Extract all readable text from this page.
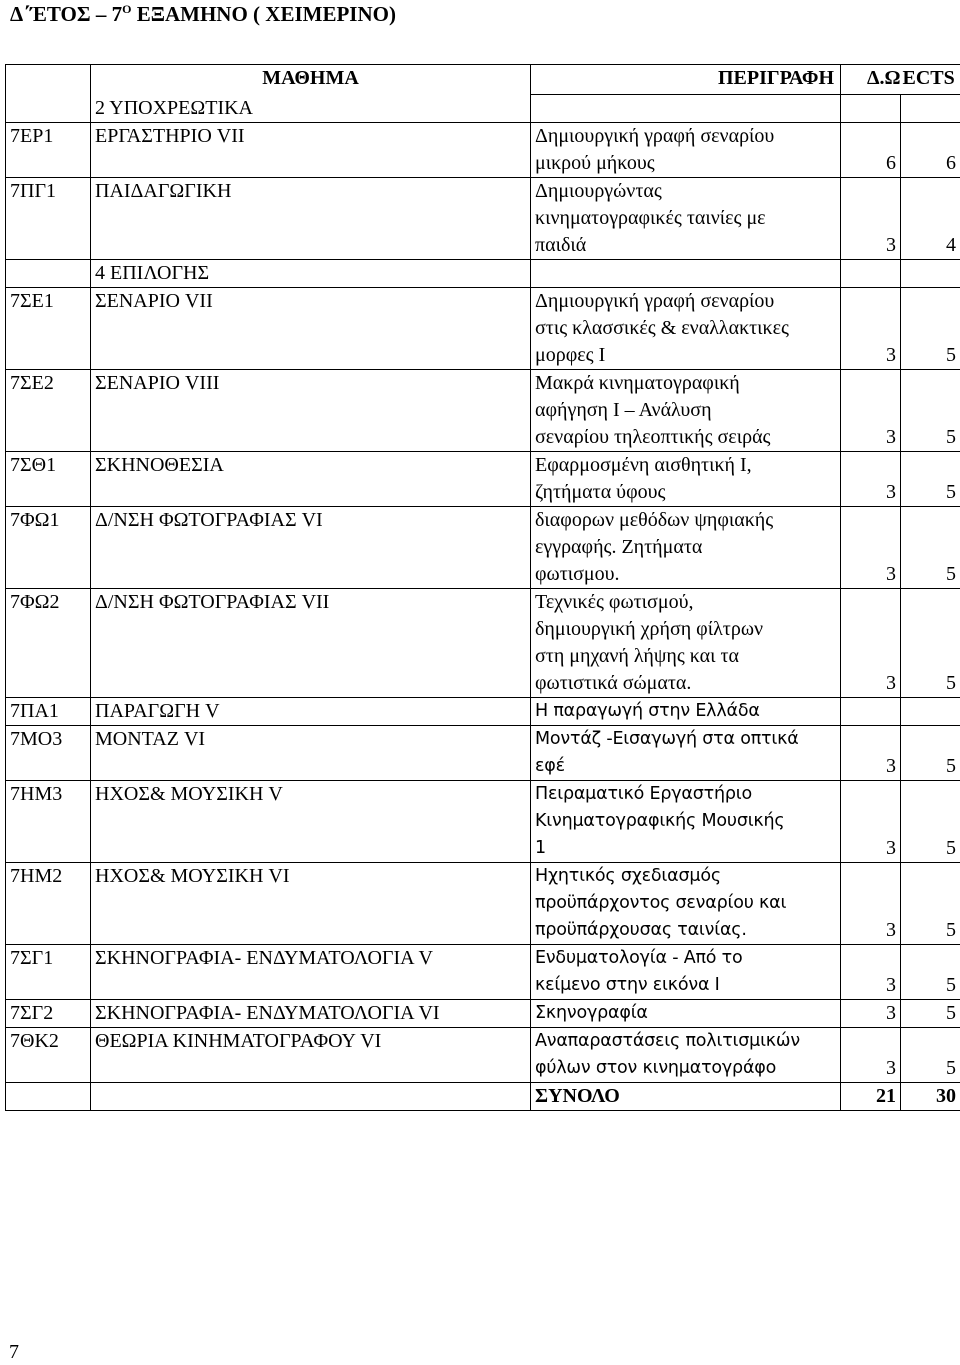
$\Delta΄ΈTO\Sigma - 7^O$ ΕΞΑΜΗΝΟ ( ΧΕΙΜΕΡΙΝΟ)
	ΜΑΘΗΜΑ	ΠΕΡΙΓΡΑΦΗ	Δ.Ω	ECTS
	2 ΥΠΟΧΡΕΩΤΙΚΑ			
7ΕΡ1	ΕΡΓΑΣΤΗΡΙΟ VII	Δημιουργική γραφή σεναρίου
μικρού μήκους	6	6
7ΠΓ1	ΠΑΙΔΑΓΩΓΙΚΗ	Δημιουργώντας
κινηματογραφικές ταινίες με
παιδιά	3	4
	4 ΕΠΙΛΟΓΗΣ			
7ΣΕ1	ΣΕΝΑΡΙΟ VII	Δημιουργική γραφή σεναρίου
στις κλασσικές & εναλλακτικες
μορφες Ι	3	5
7ΣΕ2	ΣΕΝΑΡΙΟ VIII	Μακρά κινηματογραφική
αφήγηση Ι – Ανάλυση
σεναρίου τηλεοπτικής σειράς	3	5
7ΣΘ1	ΣΚΗΝΟΘΕΣΙΑ	Εφαρμοσμένη αισθητική Ι,
ζητήματα ύφους	3	5
7ΦΩ1	Δ/ΝΣΗ ΦΩΤΟΓΡΑΦΙΑΣ VI	διαφορων μεθόδων ψηφιακής
εγγραφής. Ζητήματα
φωτισμου.	3	5
7ΦΩ2	Δ/ΝΣΗ ΦΩΤΟΓΡΑΦΙΑΣ VII	Τεχνικές φωτισμού,
δημιουργική χρήση φίλτρων
στη μηχανή λήψης και τα
φωτιστικά σώματα.	3	5
7ΠΑ1	ΠΑΡΑΓΩΓΗ V	Η παραγωγή στην Ελλάδα		
7ΜΟ3	ΜΟΝΤΑΖ VI	Μοντάζ -Εισαγωγή στα οπτικά
εφέ	3	5
7ΗΜ3	ΗΧΟΣ& ΜΟΥΣΙΚΗ V	Πειραματικό Εργαστήριο
Κινηματογραφικής Μουσικής
1	3	5
7ΗΜ2	ΗΧΟΣ& ΜΟΥΣΙΚΗ VI	Ηχητικός σχεδιασμός
προϋπάρχοντος σεναρίου και
προϋπάρχουσας ταινίας.	3	5
7ΣΓ1	ΣΚΗΝΟΓΡΑΦΙΑ- ΕΝΔΥΜΑΤΟΛΟΓΙΑ V	Ενδυματολογία - Από το
κείμενο στην εικόνα Ι	3	5
7ΣΓ2	ΣΚΗΝΟΓΡΑΦΙΑ- ΕΝΔΥΜΑΤΟΛΟΓΙΑ VI	Σκηνογραφία	3	5
7ΘΚ2	ΘΕΩΡΙΑ ΚΙΝΗΜΑΤΟΓΡΑΦΟΥ VI	Αναπαραστάσεις πολιτισμικών
φύλων στον κινηματογράφο	3	5
		ΣΥΝΟΛΟ	21	30
7
